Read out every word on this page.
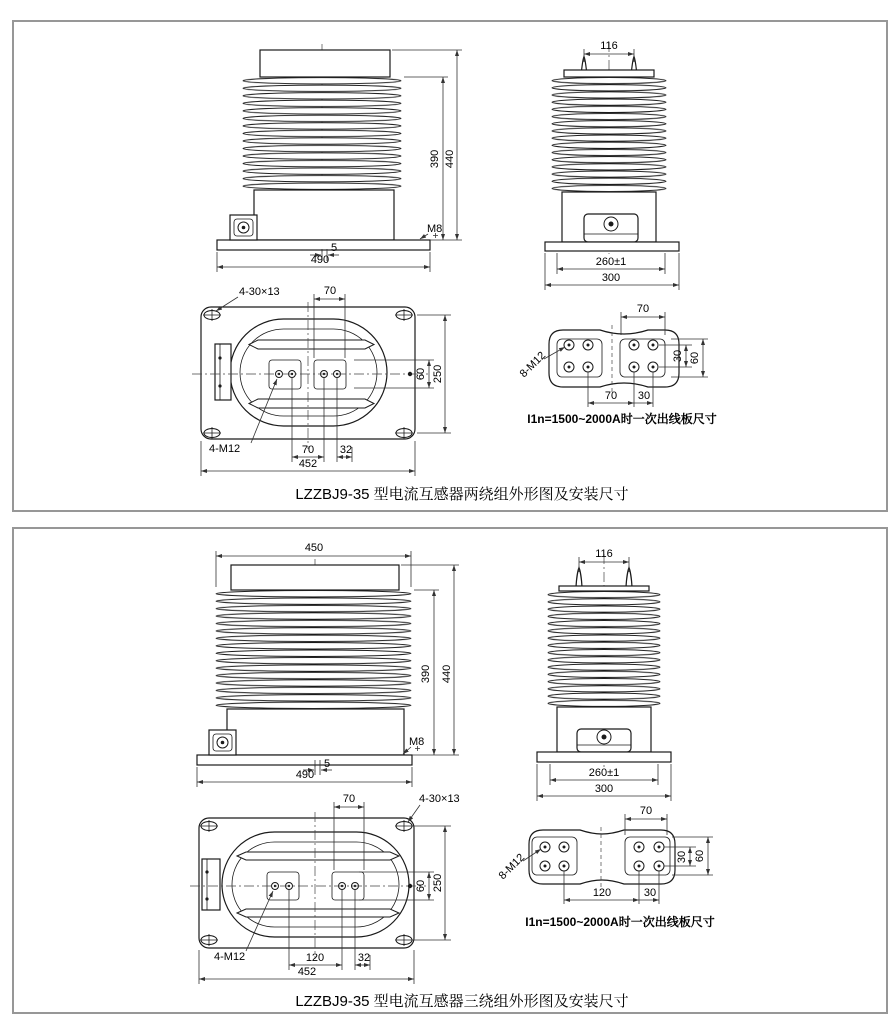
390 440
M8
5
490
116
260±1
300
70
4-30×13
60 250
4-M12	70 32
452
8-M12
70
30 60
70 30
I1n=1500~2000A时一次出线板尺寸
LZZBJ9-35 型电流互感器两绕组外形图及安装尺寸
450
390 440
M8
5
490
116
260±1
300
70	4-30×13
60 250
4-M12	120	32
452
8-M12
70
30 60
120	30
I1n=1500~2000A时一次出线板尺寸
LZZBJ9-35 型电流互感器三绕组外形图及安装尺寸
